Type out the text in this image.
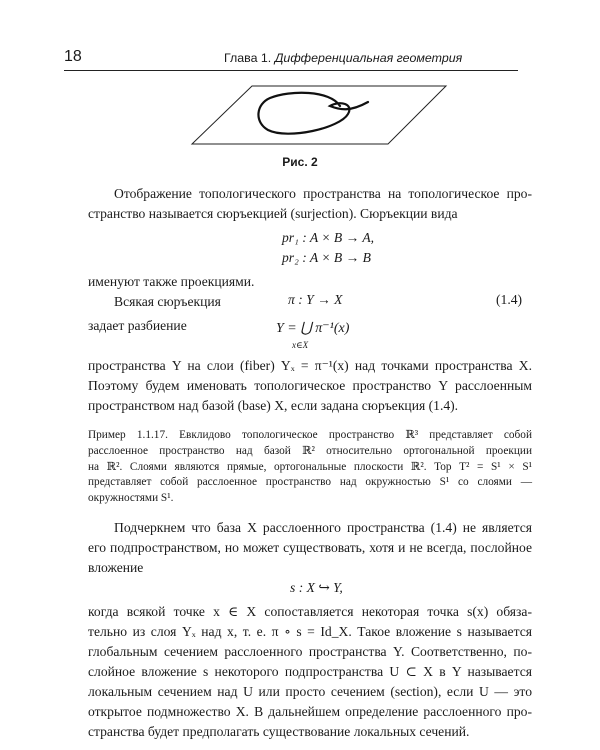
18	Глава 1. Дифференциальная геометрия
Рис. 2
Отображение топологического пространства на топологическое про-
странство называется сюръекцией (surjection). Сюръекции вида
pr₁ : A × B → A,
pr₂ : A × B → B
именуют также проекциями.
Всякая сюръекция	π : Y → X	(1.4)
задает разбиение	Y = ⋃ π⁻¹(x)
x∈X
пространства Y на слои (fiber) Yₓ = π⁻¹(x) над точками пространства X.
Поэтому будем именовать топологическое пространство Y расслоенным
пространством над базой (base) X, если задана сюръекция (1.4).
Пример 1.1.17. Евклидово топологическое пространство ℝ³ представляет собой
расслоенное пространство над базой ℝ² относительно ортогональной проекции
на ℝ². Слоями являются прямые, ортогональные плоскости ℝ². Тор T² = S¹ × S¹
представляет собой расслоенное пространство над окружностью S¹ со слоями —
окружностями S¹.
Подчеркнем что база X расслоенного пространства (1.4) не является
его подпространством, но может существовать, хотя и не всегда, послойное
вложение
s : X ↪ Y,
когда всякой точке x ∈ X сопоставляется некоторая точка s(x) обяза-
тельно из слоя Yₓ над x, т. е. π ∘ s = Id_X. Такое вложение s называется
глобальным сечением расслоенного пространства Y. Соответственно, по-
слойное вложение s некоторого подпространства U ⊂ X в Y называется
локальным сечением над U или просто сечением (section), если U — это
открытое подмножество X. В дальнейшем определение расслоенного про-
странства будет предполагать существование локальных сечений.
